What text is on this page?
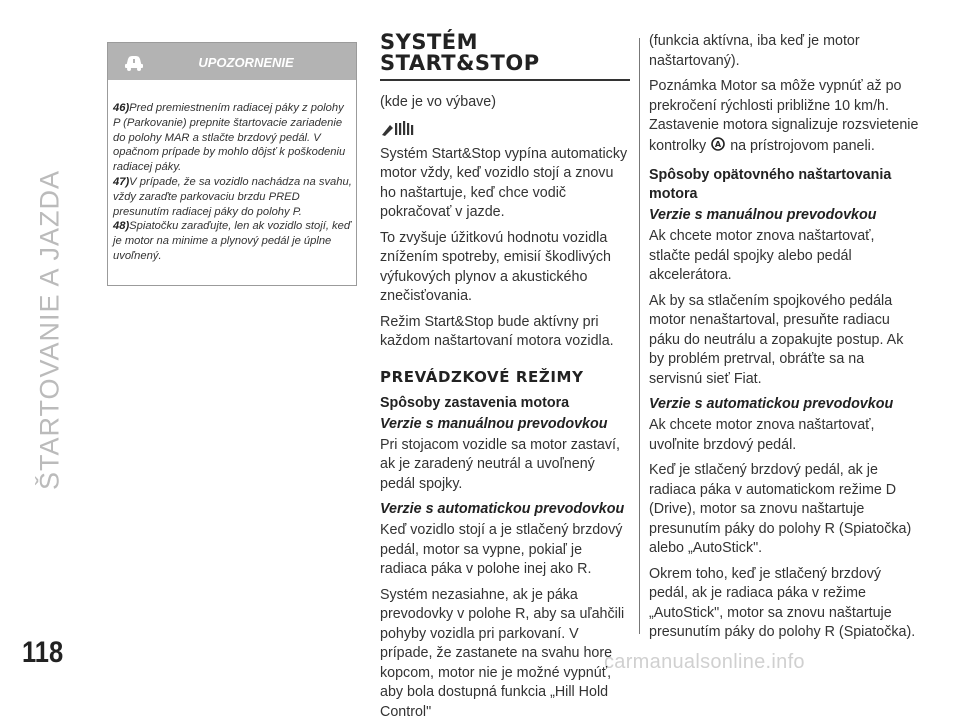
ŠTARTOVANIE A JAZDA
118	carmanualsonline.info
UPOZORNENIE

46)Pred premiestnením radiacej páky z polohy P (Parkovanie) prepnite štartovacie zariadenie do polohy MAR a stlačte brzdový pedál. V opačnom prípade by mohlo dôjsť k poškodeniu radiacej páky.

47)V prípade, že sa vozidlo nachádza na svahu, vždy zaraďte parkovaciu brzdu PRED presunutím radiacej páky do polohy P.

48)Spiatočku zaraďujte, len ak vozidlo stojí, keď je motor na minime a plynový pedál je úplne uvoľnený.

SYSTÉM
START&STOP
(kde je vo výbave)
Systém Start&Stop vypína automaticky motor vždy, keď vozidlo stojí a znovu ho naštartuje, keď chce vodič pokračovať v jazde.
To zvyšuje úžitkovú hodnotu vozidla znížením spotreby, emisií škodlivých výfukových plynov a akustického znečisťovania.
Režim Start&Stop bude aktívny pri každom naštartovaní motora vozidla.
PREVÁDZKOVÉ REŽIMY
Spôsoby zastavenia motora
Verzie s manuálnou prevodovkou
Pri stojacom vozidle sa motor zastaví, ak je zaradený neutrál a uvoľnený pedál spojky.
Verzie s automatickou prevodovkou
Keď vozidlo stojí a je stlačený brzdový pedál, motor sa vypne, pokiaľ je radiaca páka v polohe inej ako R.
Systém nezasiahne, ak je páka prevodovky v polohe R, aby sa uľahčili pohyby vozidla pri parkovaní. V prípade, že zastanete na svahu hore kopcom, motor nie je možné vypnúť, aby bola dostupná funkcia „Hill Hold Control"
(funkcia aktívna, iba keď je motor naštartovaný).
Poznámka Motor sa môže vypnúť až po prekročení rýchlosti približne 10 km/h. Zastavenie motora signalizuje rozsvietenie kontrolky A na prístrojovom paneli.
Spôsoby opätovného naštartovania motora
Verzie s manuálnou prevodovkou
Ak chcete motor znova naštartovať, stlačte pedál spojky alebo pedál akcelerátora.
Ak by sa stlačením spojkového pedála motor nenaštartoval, presuňte radiacu páku do neutrálu a zopakujte postup. Ak by problém pretrval, obráťte sa na servisnú sieť Fiat.
Verzie s automatickou prevodovkou
Ak chcete motor znova naštartovať, uvoľnite brzdový pedál.
Keď je stlačený brzdový pedál, ak je radiaca páka v automatickom režime D (Drive), motor sa znovu naštartuje presunutím páky do polohy R (Spiatočka) alebo „AutoStick".
Okrem toho, keď je stlačený brzdový pedál, ak je radiaca páka v režime „AutoStick", motor sa znovu naštartuje presunutím páky do polohy R (Spiatočka).
